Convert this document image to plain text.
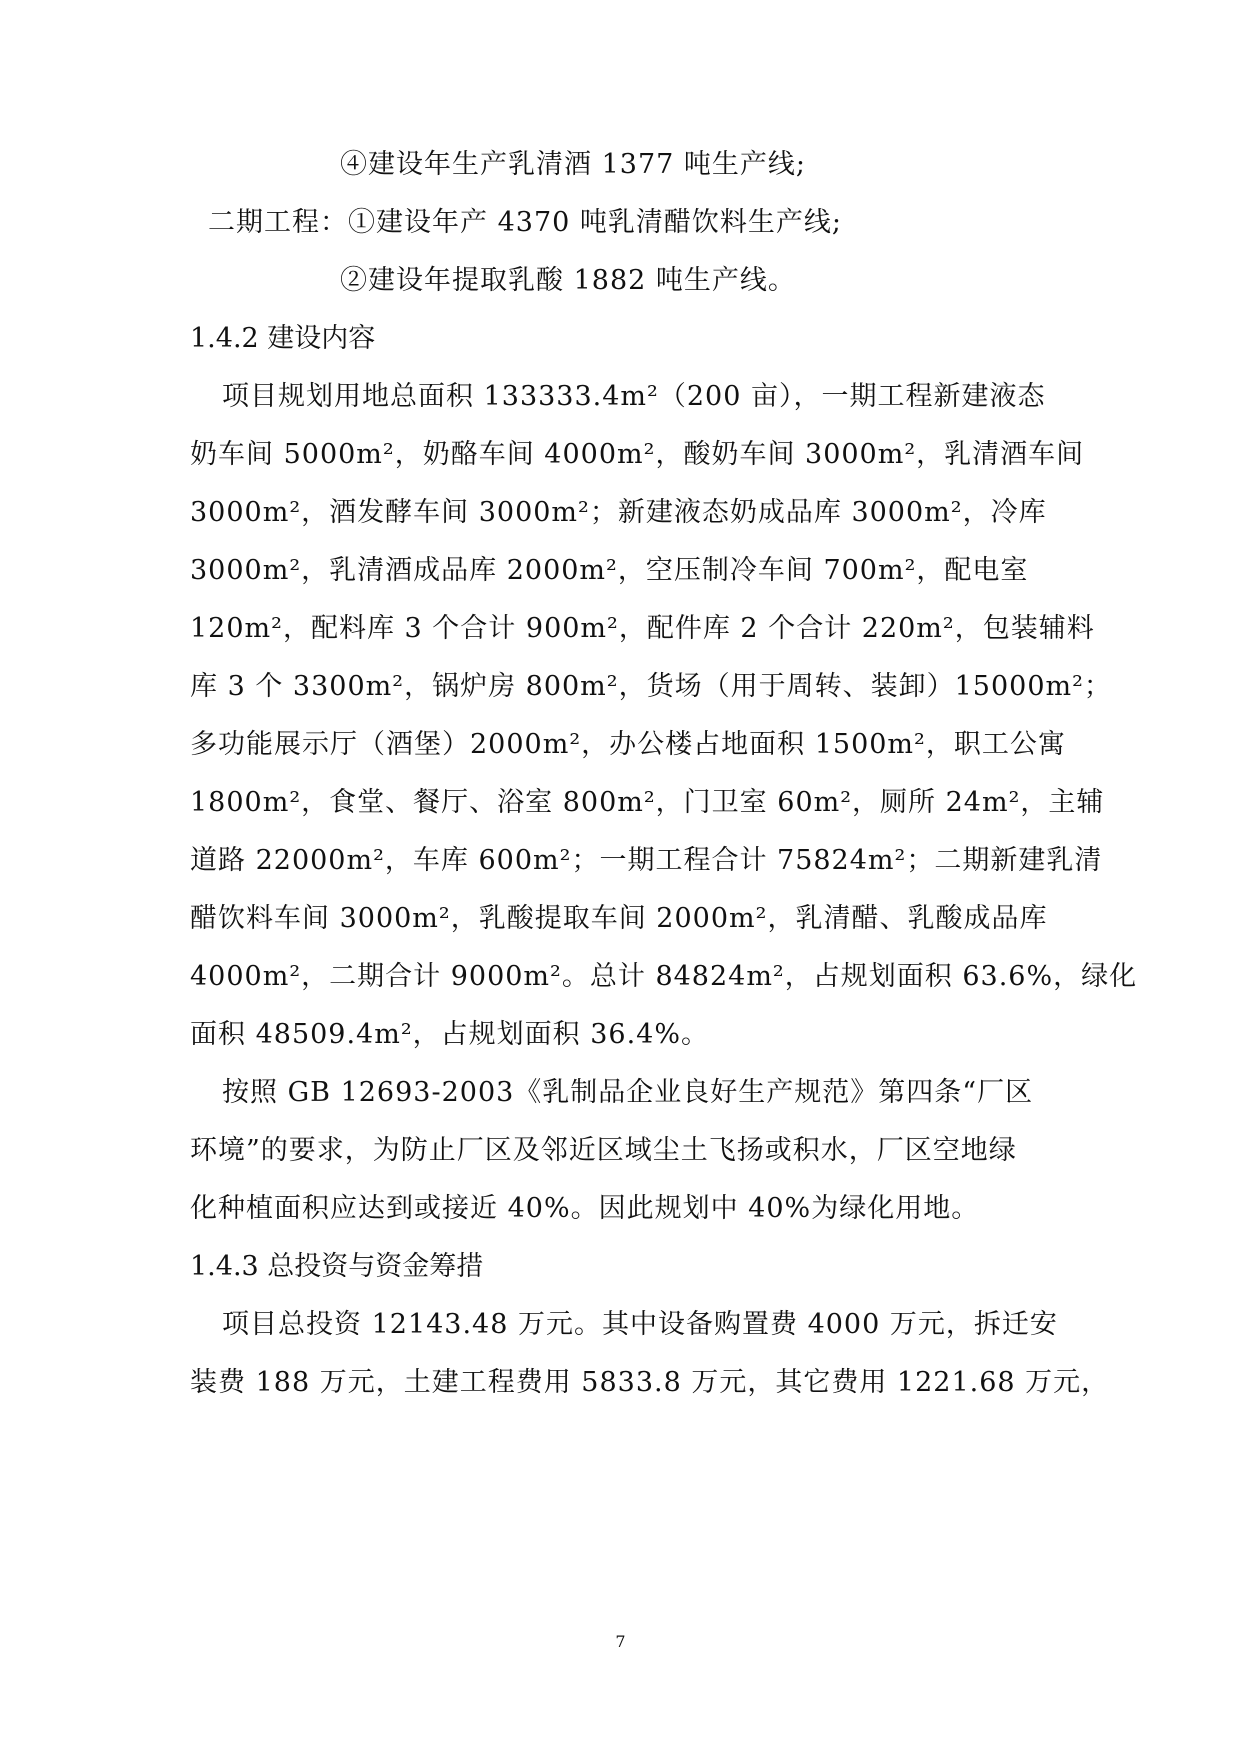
④建设年生产乳清酒 1377 吨生产线;
二期工程：①建设年产 4370 吨乳清醋饮料生产线;
②建设年提取乳酸 1882 吨生产线。
1.4.2 建设内容
项目规划用地总面积 133333.4m²（200 亩），一期工程新建液态
奶车间 5000m²，奶酪车间 4000m²，酸奶车间 3000m²，乳清酒车间
3000m²，酒发酵车间 3000m²；新建液态奶成品库 3000m²，冷库
3000m²，乳清酒成品库 2000m²，空压制冷车间 700m²，配电室
120m²，配料库 3 个合计 900m²，配件库 2 个合计 220m²，包装辅料
库 3 个 3300m²，锅炉房 800m²，货场（用于周转、装卸）15000m²；
多功能展示厅（酒堡）2000m²，办公楼占地面积 1500m²，职工公寓
1800m²，食堂、餐厅、浴室 800m²，门卫室 60m²，厕所 24m²，主辅
道路 22000m²，车库 600m²；一期工程合计 75824m²；二期新建乳清
醋饮料车间 3000m²，乳酸提取车间 2000m²，乳清醋、乳酸成品库
4000m²，二期合计 9000m²。总计 84824m²，占规划面积 63.6%，绿化
面积 48509.4m²，占规划面积 36.4%。
按照 GB 12693-2003《乳制品企业良好生产规范》第四条“厂区
环境”的要求，为防止厂区及邻近区域尘土飞扬或积水，厂区空地绿
化种植面积应达到或接近 40%。因此规划中 40%为绿化用地。
1.4.3 总投资与资金筹措
项目总投资 12143.48 万元。其中设备购置费 4000 万元，拆迁安
装费 188 万元，土建工程费用 5833.8 万元，其它费用 1221.68 万元，
7
